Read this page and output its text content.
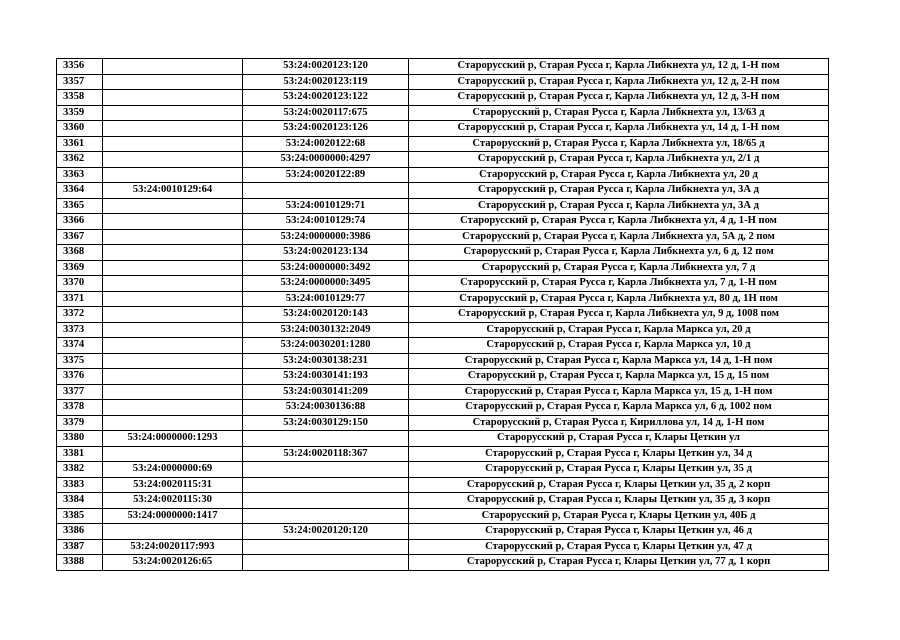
3356		53:24:0020123:120	Старорусский р, Старая Русса г, Карла Либкнехта ул, 12 д, 1-Н пом
3357		53:24:0020123:119	Старорусский р, Старая Русса г, Карла Либкнехта ул, 12 д, 2-Н пом
3358		53:24:0020123:122	Старорусский р, Старая Русса г, Карла Либкнехта ул, 12 д, 3-Н пом
3359		53:24:0020117:675	Старорусский р, Старая Русса г, Карла Либкнехта ул, 13/63 д
3360		53:24:0020123:126	Старорусский р, Старая Русса г, Карла Либкнехта ул, 14 д, 1-Н пом
3361		53:24:0020122:68	Старорусский р, Старая Русса г, Карла Либкнехта ул, 18/65 д
3362		53:24:0000000:4297	Старорусский р, Старая Русса г, Карла Либкнехта ул, 2/1 д
3363		53:24:0020122:89	Старорусский р, Старая Русса г, Карла Либкнехта ул, 20 д
3364	53:24:0010129:64		Старорусский р, Старая Русса г, Карла Либкнехта ул, 3А д
3365		53:24:0010129:71	Старорусский р, Старая Русса г, Карла Либкнехта ул, 3А д
3366		53:24:0010129:74	Старорусский р, Старая Русса г, Карла Либкнехта ул, 4 д, 1-Н пом
3367		53:24:0000000:3986	Старорусский р, Старая Русса г, Карла Либкнехта ул, 5А д, 2 пом
3368		53:24:0020123:134	Старорусский р, Старая Русса г, Карла Либкнехта ул, 6 д, 12 пом
3369		53:24:0000000:3492	Старорусский р, Старая Русса г, Карла Либкнехта ул, 7 д
3370		53:24:0000000:3495	Старорусский р, Старая Русса г, Карла Либкнехта ул, 7 д, 1-Н пом
3371		53:24:0010129:77	Старорусский р, Старая Русса г, Карла Либкнехта ул, 80 д, 1Н пом
3372		53:24:0020120:143	Старорусский р, Старая Русса г, Карла Либкнехта ул, 9 д, 1008 пом
3373		53:24:0030132:2049	Старорусский р, Старая Русса г, Карла Маркса ул, 20 д
3374		53:24:0030201:1280	Старорусский р, Старая Русса г, Карла Маркса ул, 10 д
3375		53:24:0030138:231	Старорусский р, Старая Русса г, Карла Маркса ул, 14 д, 1-Н пом
3376		53:24:0030141:193	Старорусский р, Старая Русса г, Карла Маркса ул, 15 д, 15 пом
3377		53:24:0030141:209	Старорусский р, Старая Русса г, Карла Маркса ул, 15 д, 1-Н пом
3378		53:24:0030136:88	Старорусский р, Старая Русса г, Карла Маркса ул, 6 д, 1002 пом
3379		53:24:0030129:150	Старорусский р, Старая Русса г, Кириллова ул, 14 д, 1-Н пом
3380	53:24:0000000:1293		Старорусский р, Старая Русса г, Клары Цеткин ул
3381		53:24:0020118:367	Старорусский р, Старая Русса г, Клары Цеткин ул, 34 д
3382	53:24:0000000:69		Старорусский р, Старая Русса г, Клары Цеткин ул, 35 д
3383	53:24:0020115:31		Старорусский р, Старая Русса г, Клары Цеткин ул, 35 д, 2 корп
3384	53:24:0020115:30		Старорусский р, Старая Русса г, Клары Цеткин ул, 35 д, 3 корп
3385	53:24:0000000:1417		Старорусский р, Старая Русса г, Клары Цеткин ул, 40Б д
3386		53:24:0020120:120	Старорусский р, Старая Русса г, Клары Цеткин ул, 46 д
3387	53:24:0020117:993		Старорусский р, Старая Русса г, Клары Цеткин ул, 47 д
3388	53:24:0020126:65		Старорусский р, Старая Русса г, Клары Цеткин ул, 77 д, 1 корп
